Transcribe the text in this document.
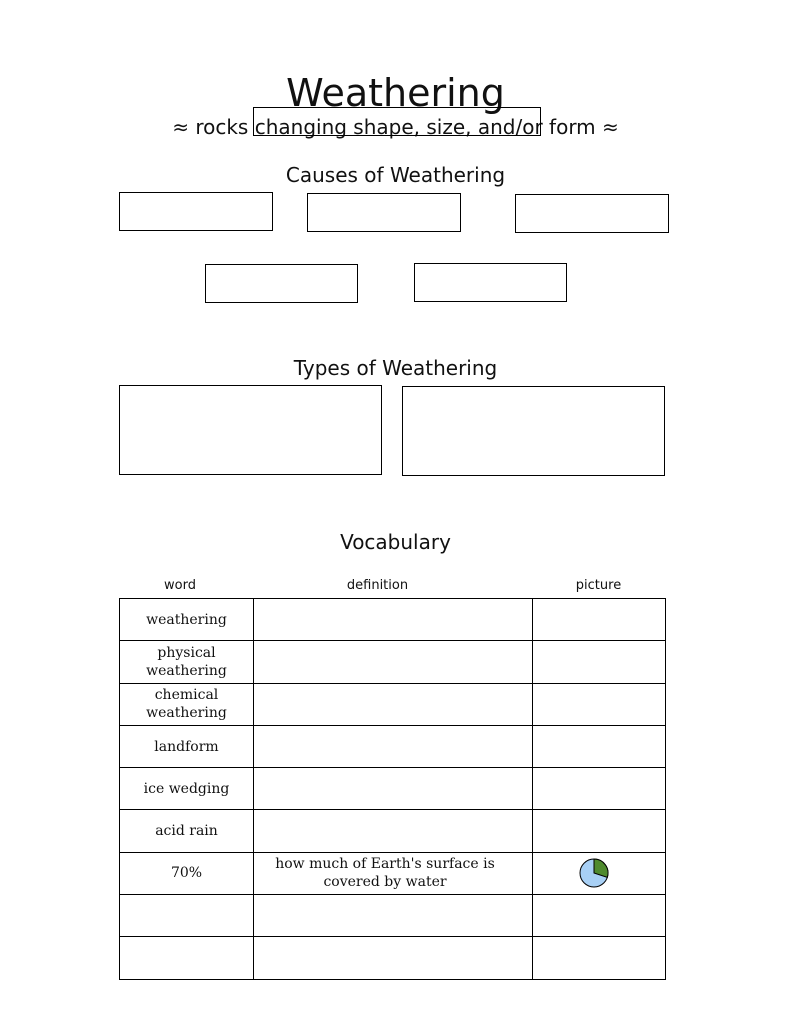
Weathering
≈ rocks changing shape, size, and/or form ≈
Causes of Weathering
Types of Weathering
Vocabulary
word	definition	picture
weathering		
physical weathering		
chemical weathering		
landform		
ice wedging		
acid rain		
70%	how much of Earth's surface is covered by water	
